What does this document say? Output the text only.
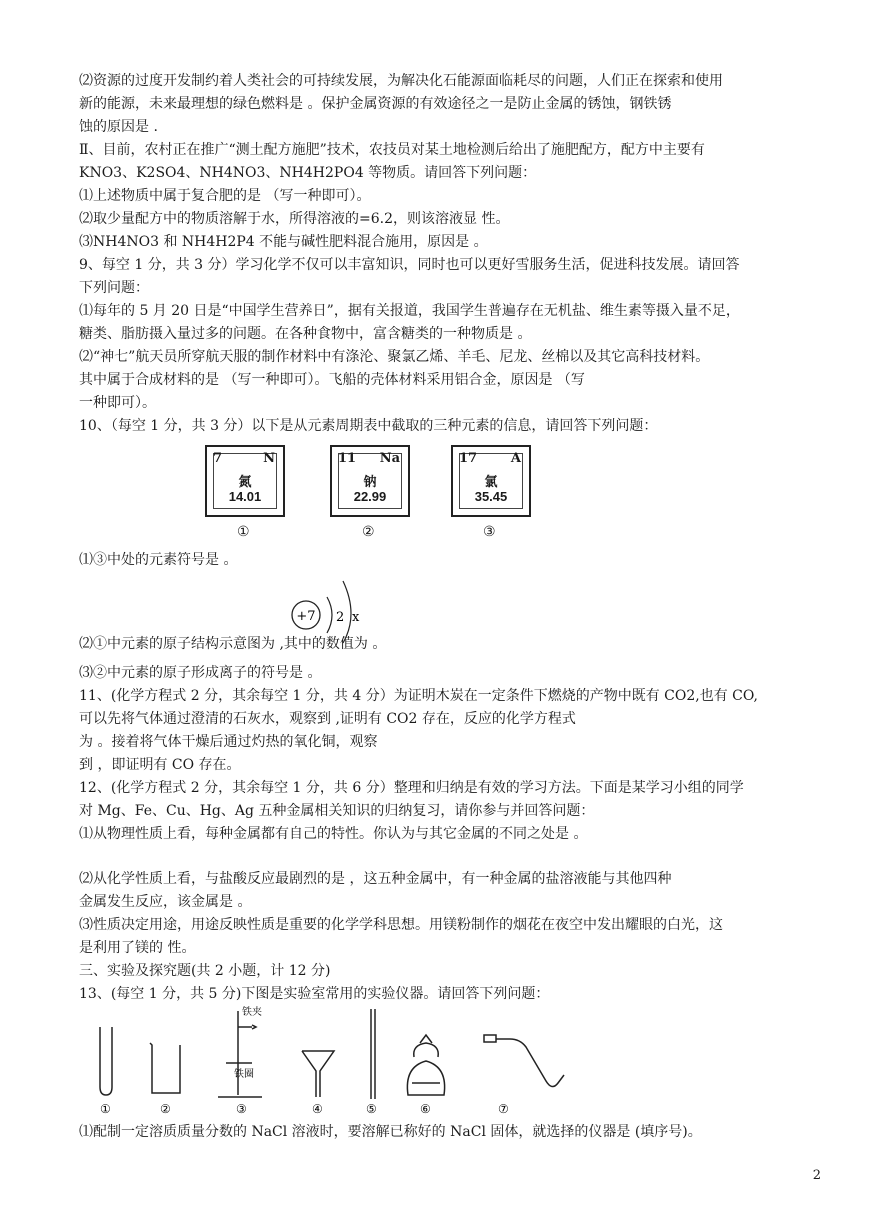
⑵资源的过度开发制约着人类社会的可持续发展，为解决化石能源面临耗尽的问题，人们正在探索和使用
新的能源，未来最理想的绿色燃料是 。保护金属资源的有效途径之一是防止金属的锈蚀，钢铁锈
蚀的原因是 .
Ⅱ、目前，农村正在推广“测土配方施肥”技术，农技员对某土地检测后给出了施肥配方，配方中主要有
KNO3、K2SO4、NH4NO3、NH4H2PO4 等物质。请回答下列问题：
⑴上述物质中属于复合肥的是 （写一种即可）。
⑵取少量配方中的物质溶解于水，所得溶液的=6.2，则该溶液显 性。
⑶NH4NO3 和 NH4H2P4 不能与碱性肥料混合施用，原因是 。
9、每空 1 分，共 3 分）学习化学不仅可以丰富知识，同时也可以更好雪服务生活，促进科技发展。请回答
下列问题：
⑴每年的 5 月 20 日是“中国学生营养日”，据有关报道，我国学生普遍存在无机盐、维生素等摄入量不足，
糖类、脂肪摄入量过多的问题。在各种食物中，富含糖类的一种物质是 。
⑵“神七”航天员所穿航天服的制作材料中有涤沦、聚氯乙烯、羊毛、尼龙、丝棉以及其它高科技材料。
其中属于合成材料的是 （写一种即可）。飞船的壳体材料采用铝合金，原因是 （写
一种即可）。
10、（每空 1 分，共 3 分）以下是从元素周期表中截取的三种元素的信息，请回答下列问题：
7	N
氮
14.01
11 Na
钠
22.99
17	A
氯
35.45
①	②	③
⑴③中处的元素符号是 。
+7 2 x
⑵①中元素的原子结构示意图为 ,其中的数值为 。
⑶②中元素的原子形成离子的符号是 。
11、(化学方程式 2 分，其余每空 1 分，共 4 分）为证明木炭在一定条件下燃烧的产物中既有 CO2,也有 CO,
可以先将气体通过澄清的石灰水，观察到 ,证明有 CO2 存在，反应的化学方程式
为 。接着将气体干燥后通过灼热的氧化铜，观察
到 ，即证明有 CO 存在。
12、(化学方程式 2 分，其余每空 1 分，共 6 分）整理和归纳是有效的学习方法。下面是某学习小组的同学
对 Mg、Fe、Cu、Hg、Ag 五种金属相关知识的归纳复习，请你参与并回答问题：
⑴从物理性质上看，每种金属都有自己的特性。你认为与其它金属的不同之处是 。
⑵从化学性质上看，与盐酸反应最剧烈的是 ，这五种金属中，有一种金属的盐溶液能与其他四种
金属发生反应，该金属是 。
⑶性质决定用途，用途反映性质是重要的化学学科思想。用镁粉制作的烟花在夜空中发出耀眼的白光，这
是利用了镁的 性。
三、实验及探究题(共 2 小题，计 12 分)
13、(每空 1 分，共 5 分)下图是实验室常用的实验仪器。请回答下列问题：
铁夹
铁圈
①	②	③	④	⑤	⑥	⑦
⑴配制一定溶质质量分数的 NaCl 溶液时，要溶解已称好的 NaCl 固体，就选择的仪器是 (填序号)。
2
